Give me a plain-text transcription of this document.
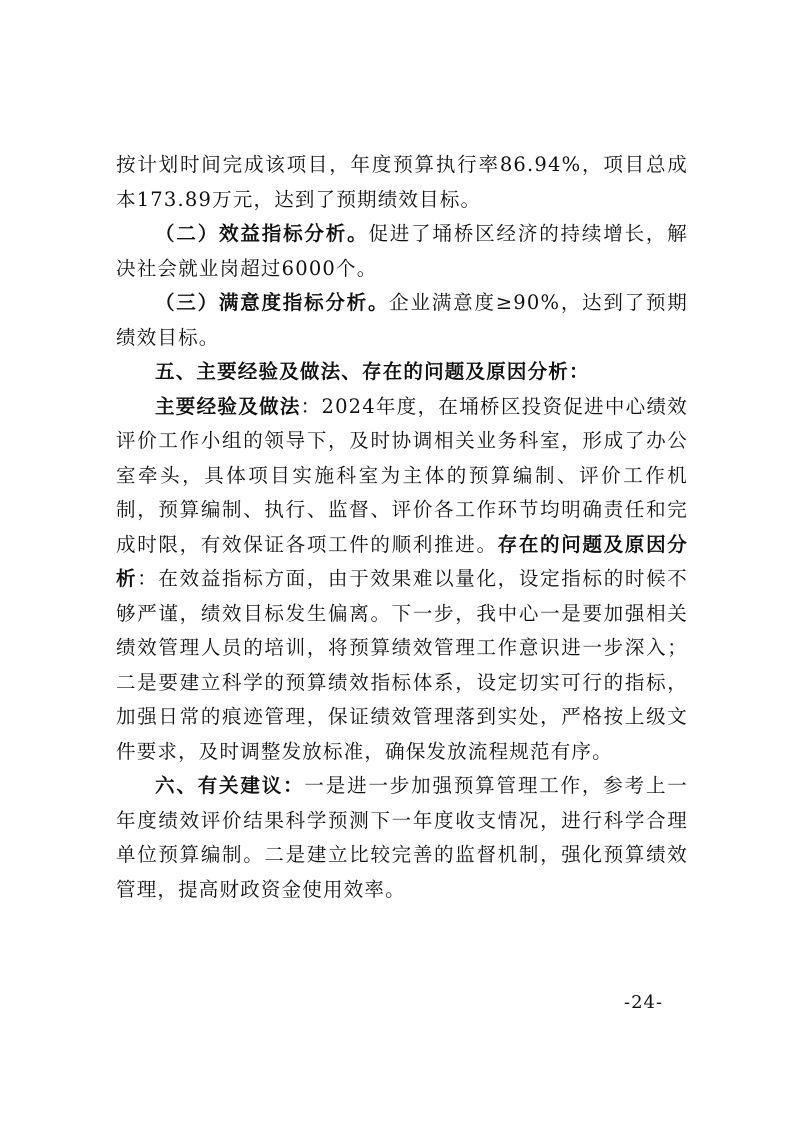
按计划时间完成该项目，年度预算执行率86.94%，项目总成本173.89万元，达到了预期绩效目标。

（二）效益指标分析。促进了埇桥区经济的持续增长，解决社会就业岗超过6000个。

（三）满意度指标分析。企业满意度≥90%，达到了预期绩效目标。

五、主要经验及做法、存在的问题及原因分析：

主要经验及做法：2024年度，在埇桥区投资促进中心绩效评价工作小组的领导下，及时协调相关业务科室，形成了办公室牵头，具体项目实施科室为主体的预算编制、评价工作机制，预算编制、执行、监督、评价各工作环节均明确责任和完成时限，有效保证各项工件的顺利推进。存在的问题及原因分析：在效益指标方面，由于效果难以量化，设定指标的时候不够严谨，绩效目标发生偏离。下一步，我中心一是要加强相关绩效管理人员的培训，将预算绩效管理工作意识进一步深入；二是要建立科学的预算绩效指标体系，设定切实可行的指标，加强日常的痕迹管理，保证绩效管理落到实处，严格按上级文件要求，及时调整发放标准，确保发放流程规范有序。

六、有关建议：一是进一步加强预算管理工作，参考上一年度绩效评价结果科学预测下一年度收支情况，进行科学合理单位预算编制。二是建立比较完善的监督机制，强化预算绩效管理，提高财政资金使用效率。

-24-
